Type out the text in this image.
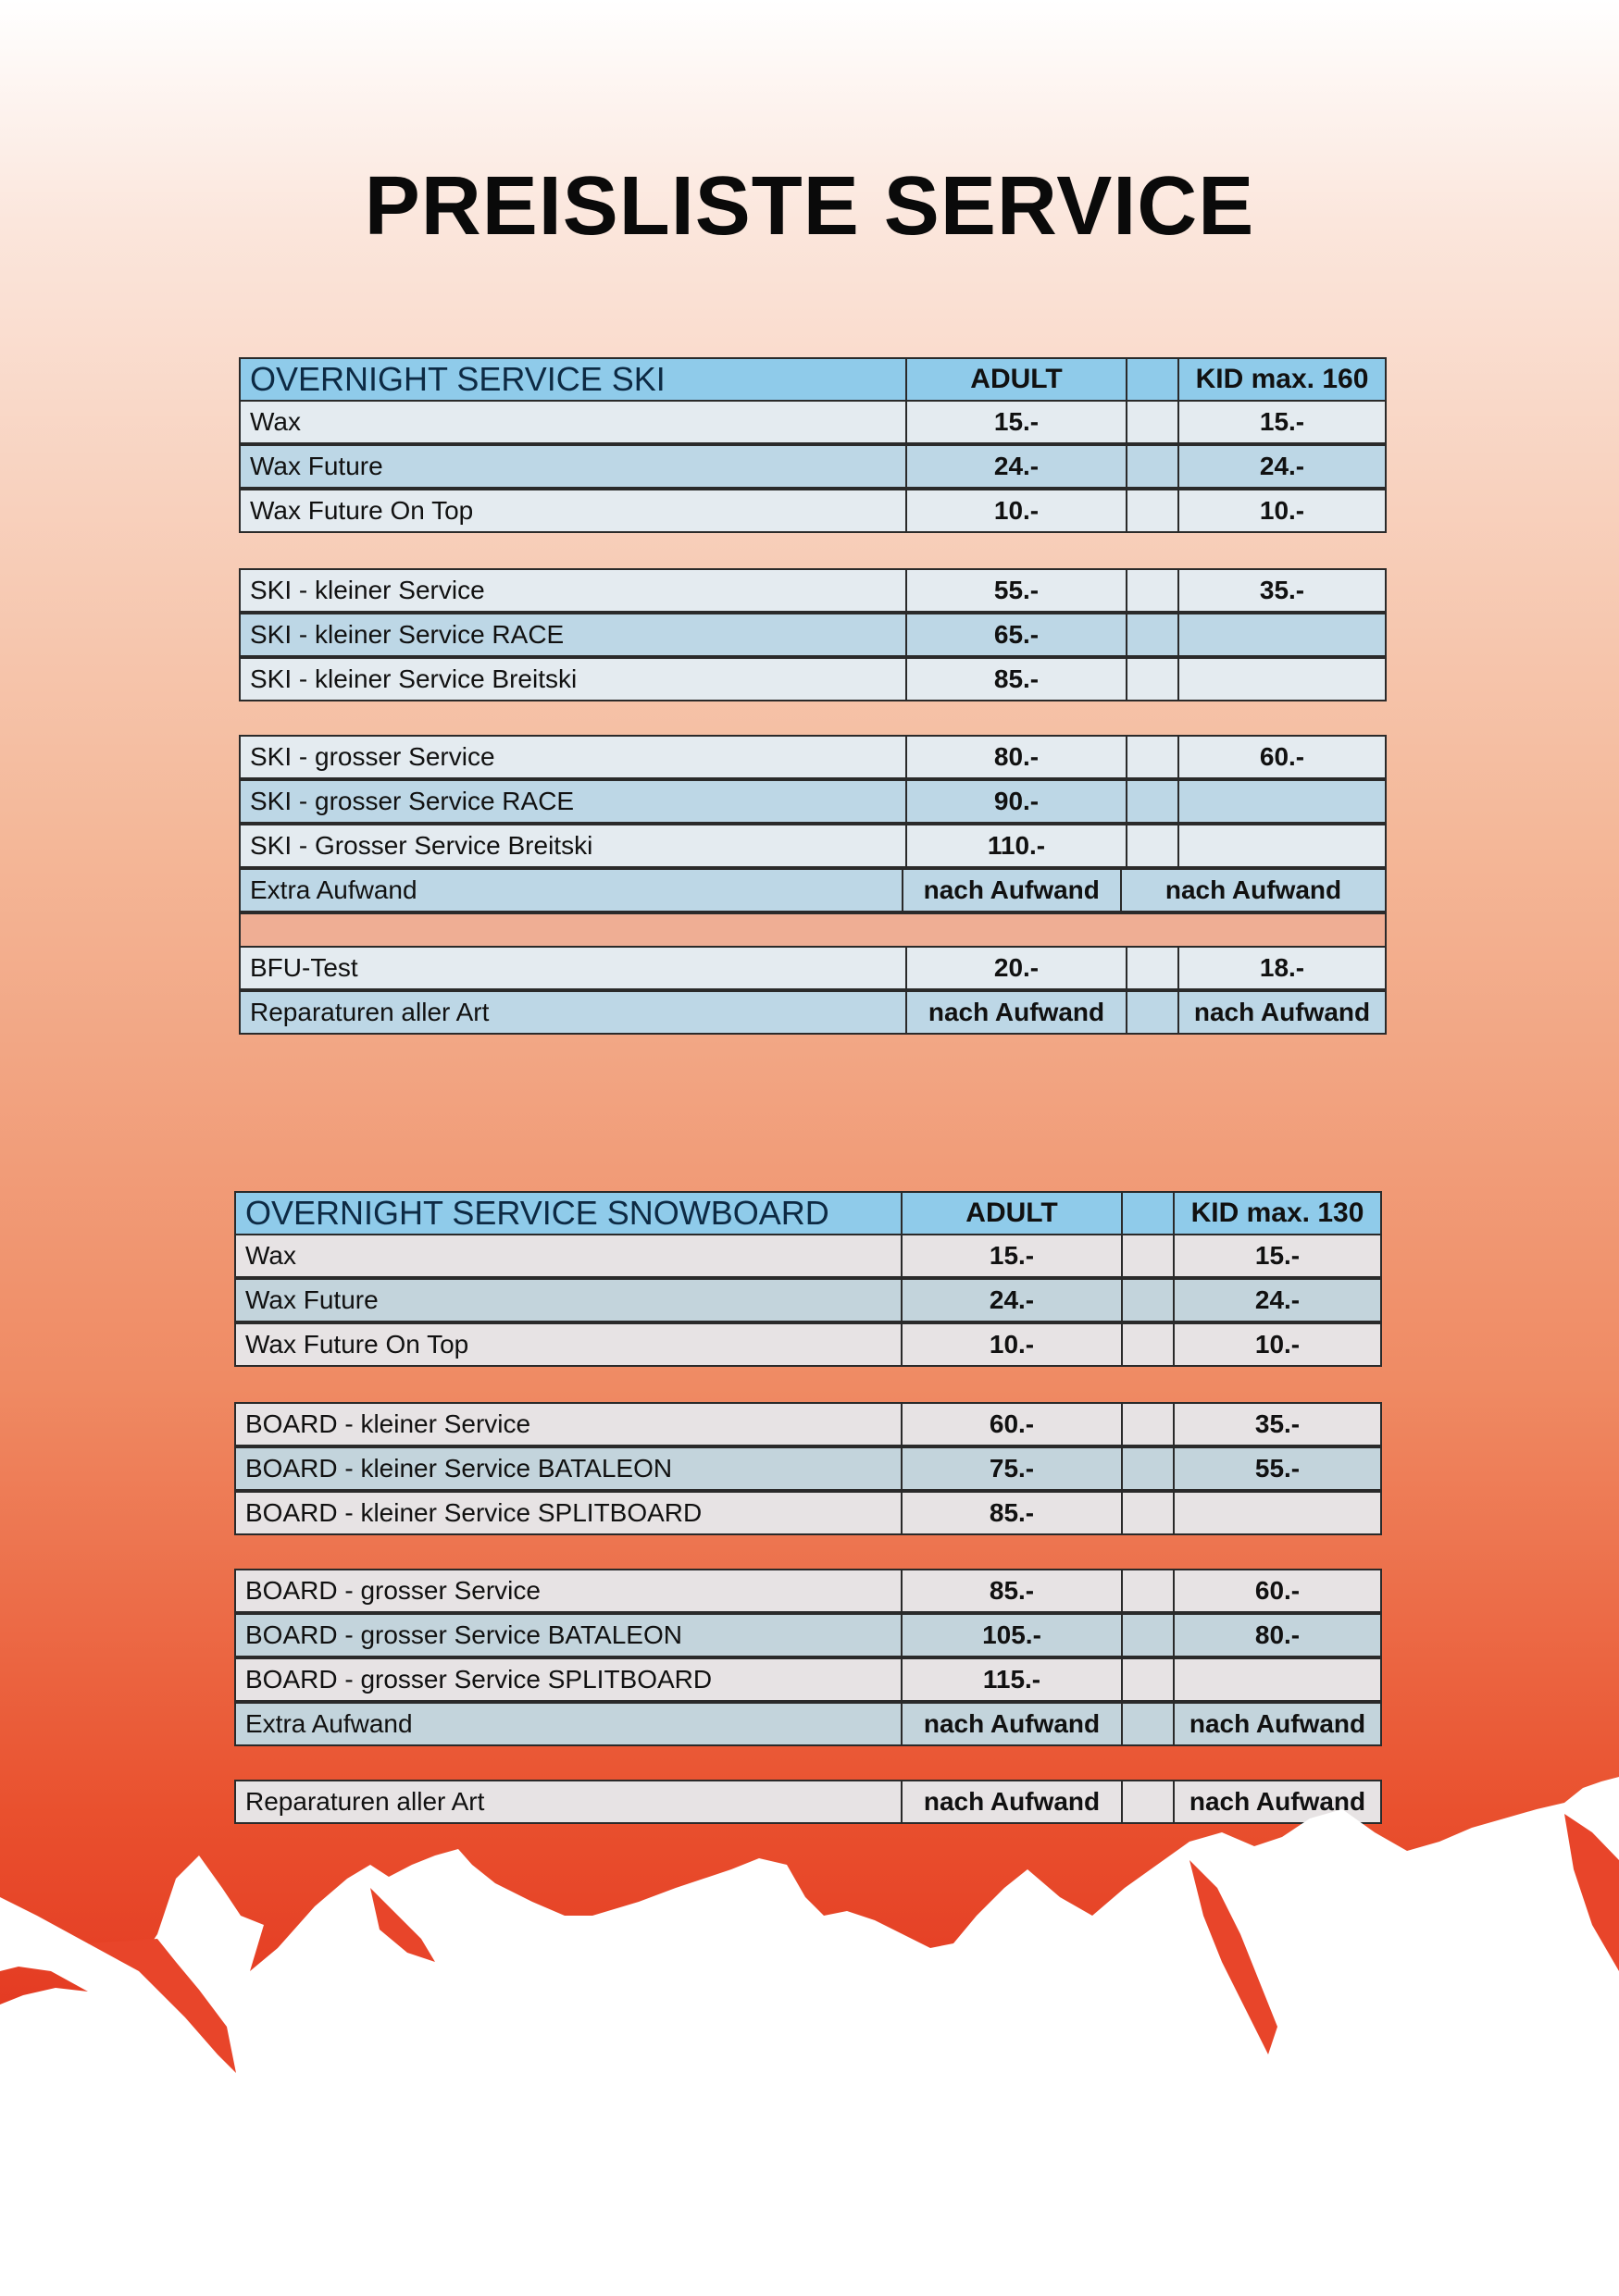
PREISLISTE SERVICE
OVERNIGHT SERVICE SKI	ADULT	KID max. 160
Wax	15.-	15.-
Wax Future	24.-	24.-
Wax Future On Top	10.-	10.-
SKI - kleiner Service	55.-	35.-
SKI - kleiner Service RACE	65.-
SKI - kleiner Service Breitski	85.-
SKI - grosser Service	80.-	60.-
SKI - grosser Service RACE	90.-
SKI - Grosser Service Breitski	110.-
Extra Aufwand	nach Aufwand	nach Aufwand
BFU-Test	20.-	18.-
Reparaturen aller Art	nach Aufwand	nach Aufwand
OVERNIGHT SERVICE SNOWBOARD	ADULT	KID max. 130
Wax	15.-	15.-
Wax Future	24.-	24.-
Wax Future On Top	10.-	10.-
BOARD - kleiner Service	60.-	35.-
BOARD - kleiner Service BATALEON	75.-	55.-
BOARD - kleiner Service SPLITBOARD	85.-
BOARD - grosser Service	85.-	60.-
BOARD - grosser Service BATALEON	105.-	80.-
BOARD - grosser Service SPLITBOARD	115.-
Extra Aufwand	nach Aufwand	nach Aufwand
Reparaturen aller Art	nach Aufwand	nach Aufwand
